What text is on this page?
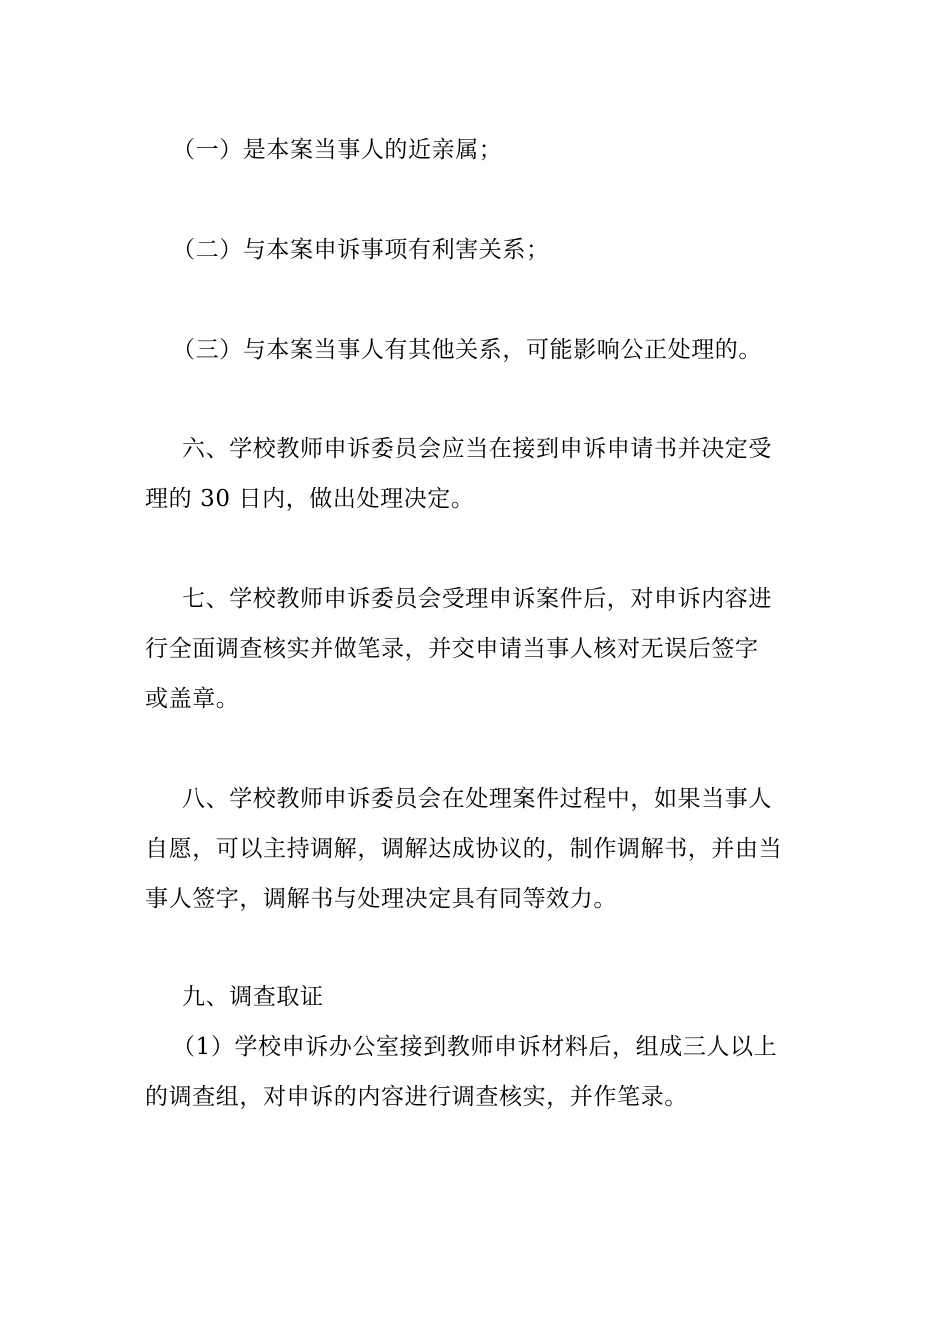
（一）是本案当事人的近亲属；
（二）与本案申诉事项有利害关系；
（三）与本案当事人有其他关系，可能影响公正处理的。
六、学校教师申诉委员会应当在接到申诉申请书并决定受
理的 30 日内，做出处理决定。
七、学校教师申诉委员会受理申诉案件后，对申诉内容进
行全面调查核实并做笔录，并交申请当事人核对无误后签字
或盖章。
八、学校教师申诉委员会在处理案件过程中，如果当事人
自愿，可以主持调解，调解达成协议的，制作调解书，并由当
事人签字，调解书与处理决定具有同等效力。
九、调查取证
（1）学校申诉办公室接到教师申诉材料后，组成三人以上
的调查组，对申诉的内容进行调查核实，并作笔录。
